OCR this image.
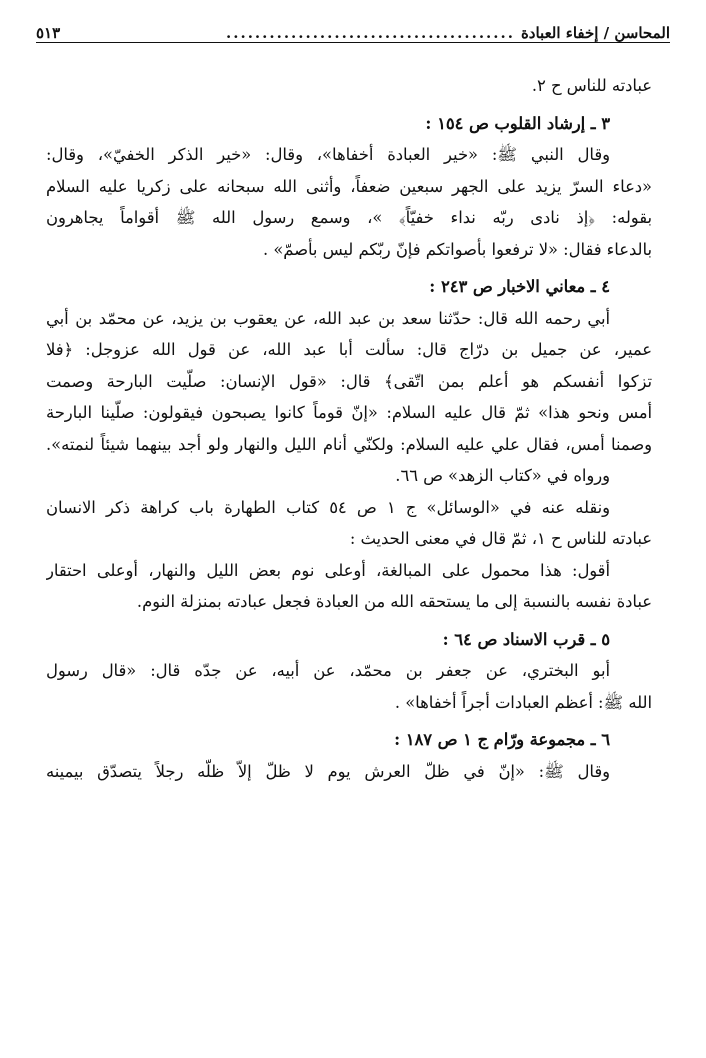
المحاسن / إخفاء العبادة
........................................
٥١٣
عبادته للناس ح ٢.
٣ ـ إرشاد القلوب ص ١٥٤ :
وقال النبي ﷺ: «خير العبادة أخفاها»، وقال: «خير الذكر الخفيّ»، وقال:
«دعاء السرّ يزيد على الجهر سبعين ضعفاً، وأثنى الله سبحانه على زكريا عليه السلام
بقوله: ﴿إذ نادى ربّه نداء خفيّاً﴾ »، وسمع رسول الله ﷺ أقواماً يجاهرون
بالدعاء فقال: «لا ترفعوا بأصواتكم فإنّ ربّكم ليس بأصمّ» .
٤ ـ معاني الاخبار ص ٢٤٣ :
أبي رحمه الله قال: حدّثنا سعد بن عبد الله، عن يعقوب بن يزيد، عن محمّد بن أبي
عمير، عن جميل بن درّاج قال: سألت أبا عبد الله، عن قول الله عزوجل: ﴿فلا
تزكوا أنفسكم هو أعلم بمن اتّقى﴾ قال: «قول الإنسان: صلّيت البارحة وصمت
أمس ونحو هذا» ثمّ قال عليه السلام: «إنّ قوماً كانوا يصبحون فيقولون: صلّينا البارحة
وصمنا أمس، فقال علي عليه السلام: ولكنّي أنام الليل والنهار ولو أجد بينهما شيئاً لنمته».
ورواه في «كتاب الزهد» ص ٦٦.
ونقله عنه في «الوسائل» ج ١ ص ٥٤ كتاب الطهارة باب كراهة ذكر الانسان
عبادته للناس ح ١، ثمّ قال في معنى الحديث :
أقول: هذا محمول على المبالغة، أوعلى نوم بعض الليل والنهار، أوعلى احتقار
عبادة نفسه بالنسبة إلى ما يستحقه الله من العبادة فجعل عبادته بمنزلة النوم.
٥ ـ قرب الاسناد ص ٦٤ :
أبو البختري، عن جعفر بن محمّد، عن أبيه، عن جدّه قال: «قال رسول
الله ﷺ: أعظم العبادات أجراً أخفاها» .
٦ ـ مجموعة ورّام ج ١ ص ١٨٧ :
وقال ﷺ: «إنّ في ظلّ العرش يوم لا ظلّ إلاّ ظلّه رجلاً يتصدّق بيمينه
